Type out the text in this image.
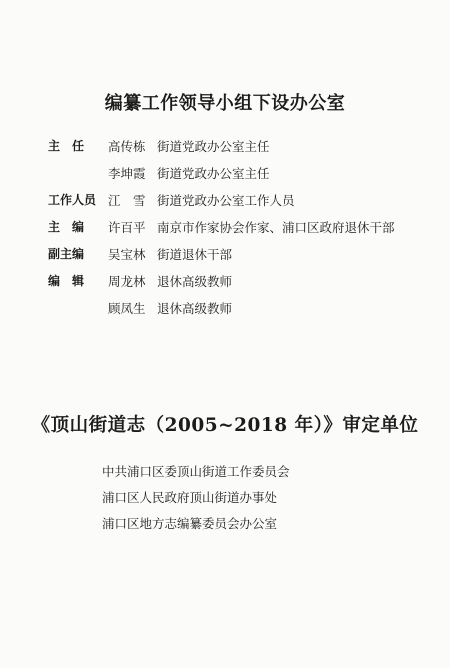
编纂工作领导小组下设办公室
主　任	高传栋 街道党政办公室主任
李坤霞 街道党政办公室主任
工作人员 江　雪 街道党政办公室工作人员
主　编	许百平 南京市作家协会作家、浦口区政府退休干部
副主编	吴宝林 街道退休干部
编　辑	周龙林 退休高级教师
顾凤生 退休高级教师
《顶山街道志（2005~2018 年）》审定单位
中共浦口区委顶山街道工作委员会
浦口区人民政府顶山街道办事处
浦口区地方志编纂委员会办公室
